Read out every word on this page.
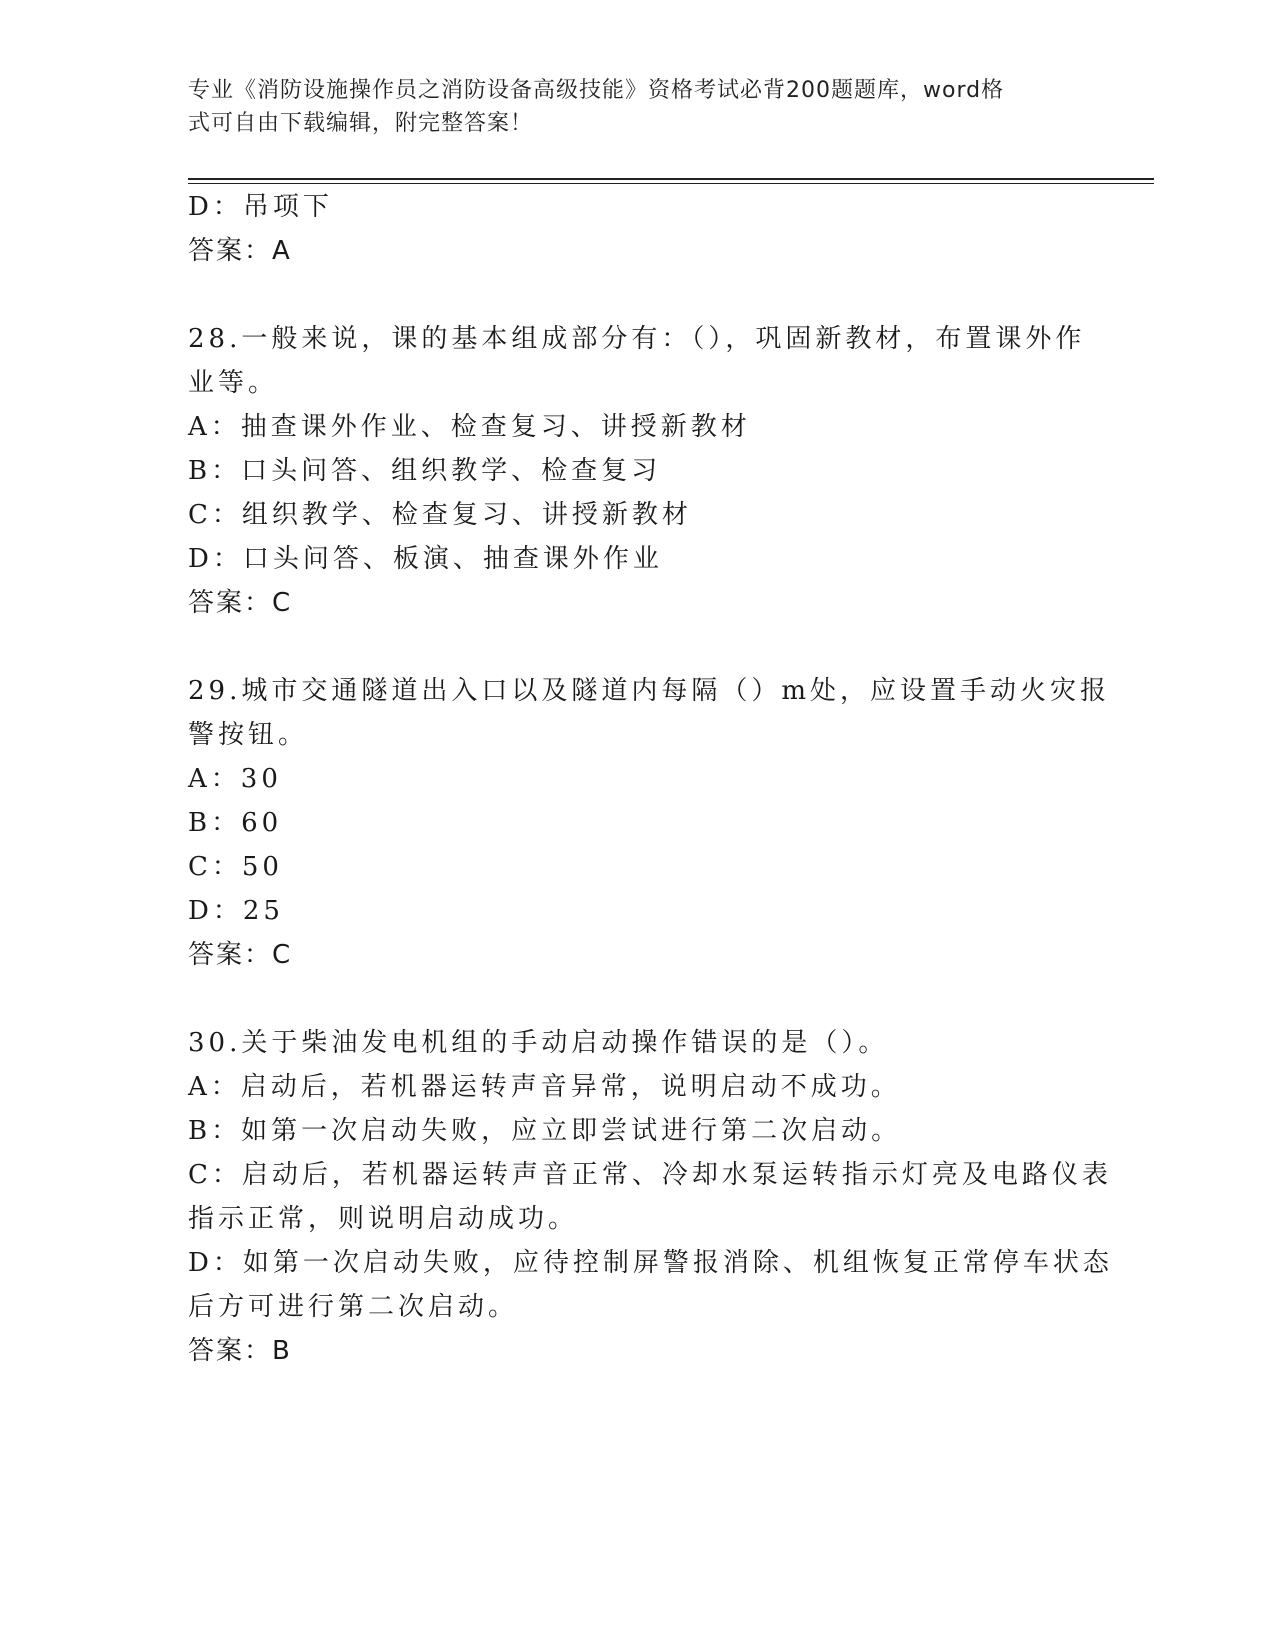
专业《消防设施操作员之消防设备高级技能》资格考试必背200题题库，word格
式可自由下载编辑，附完整答案！
D：吊项下
答案：A
28.一般来说，课的基本组成部分有：（），巩固新教材，布置课外作
业等。
A：抽查课外作业、检查复习、讲授新教材
B：口头问答、组织教学、检查复习
C：组织教学、检查复习、讲授新教材
D：口头问答、板演、抽查课外作业
答案：C
29.城市交通隧道出入口以及隧道内每隔（）m处，应设置手动火灾报
警按钮。
A：30
B：60
C：50
D：25
答案：C
30.关于柴油发电机组的手动启动操作错误的是（）。
A：启动后，若机器运转声音异常，说明启动不成功。
B：如第一次启动失败，应立即尝试进行第二次启动。
C：启动后，若机器运转声音正常、冷却水泵运转指示灯亮及电路仪表
指示正常，则说明启动成功。
D：如第一次启动失败，应待控制屏警报消除、机组恢复正常停车状态
后方可进行第二次启动。
答案：B
